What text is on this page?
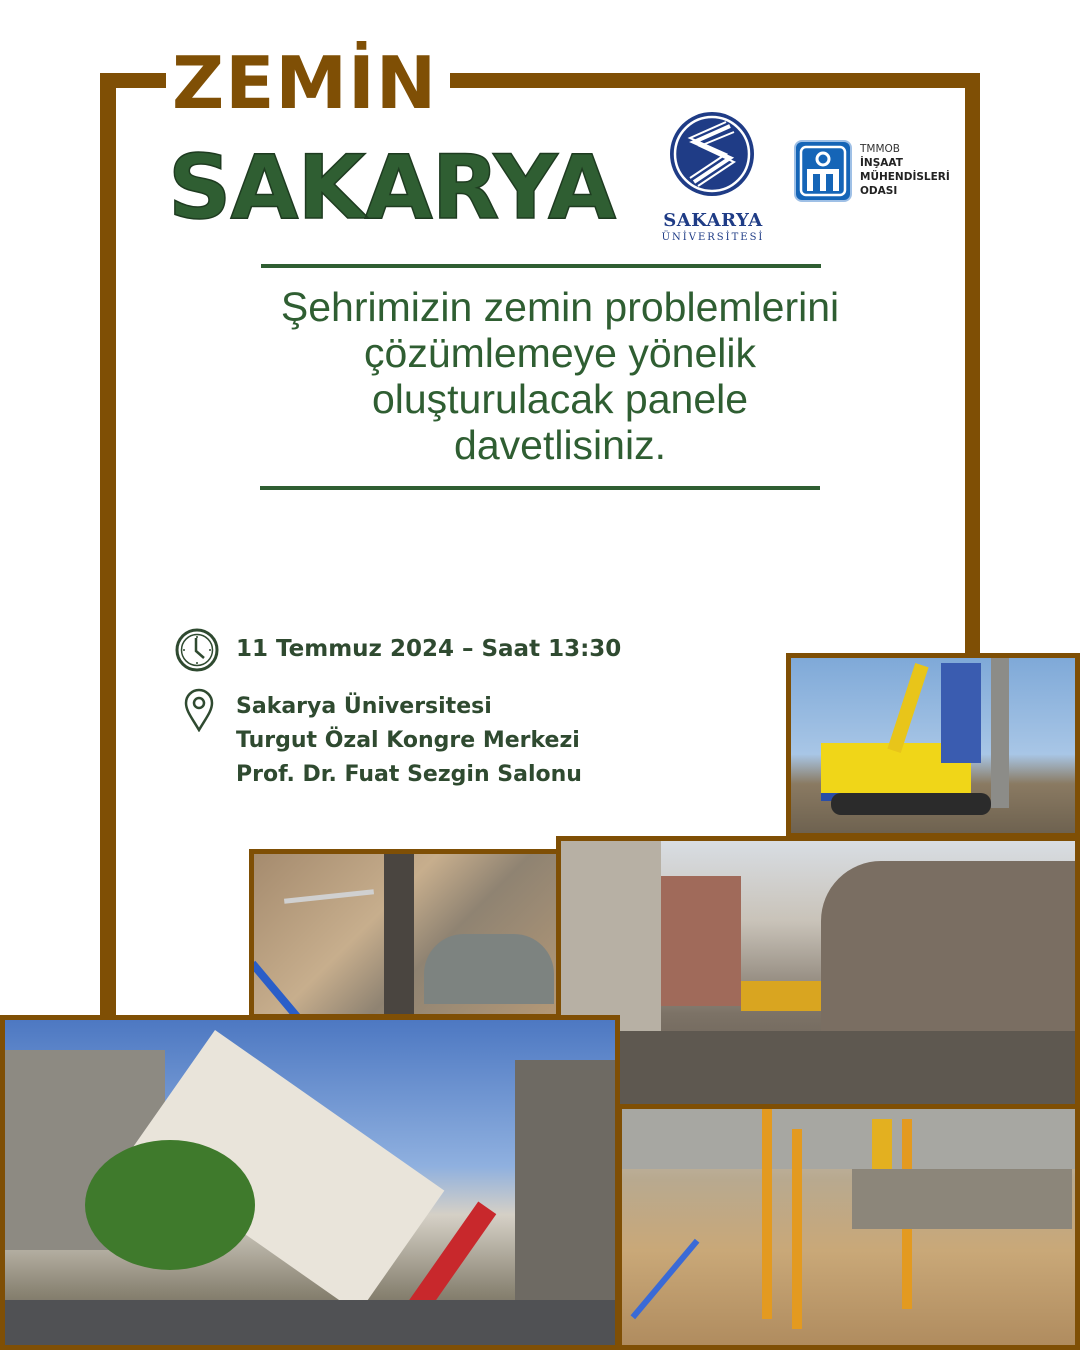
ZEMİN
SAKARYA	SAKARYA
ÜNİVERSİTESİ
TMMOB
İNŞAAT
MÜHENDİSLERİ
ODASI
Şehrimizin zemin problemlerini
çözümlemeye yönelik
oluşturulacak panele
davetlisiniz.
11 Temmuz 2024 – Saat 13:30
Sakarya Üniversitesi
Turgut Özal Kongre Merkezi
Prof. Dr. Fuat Sezgin Salonu
